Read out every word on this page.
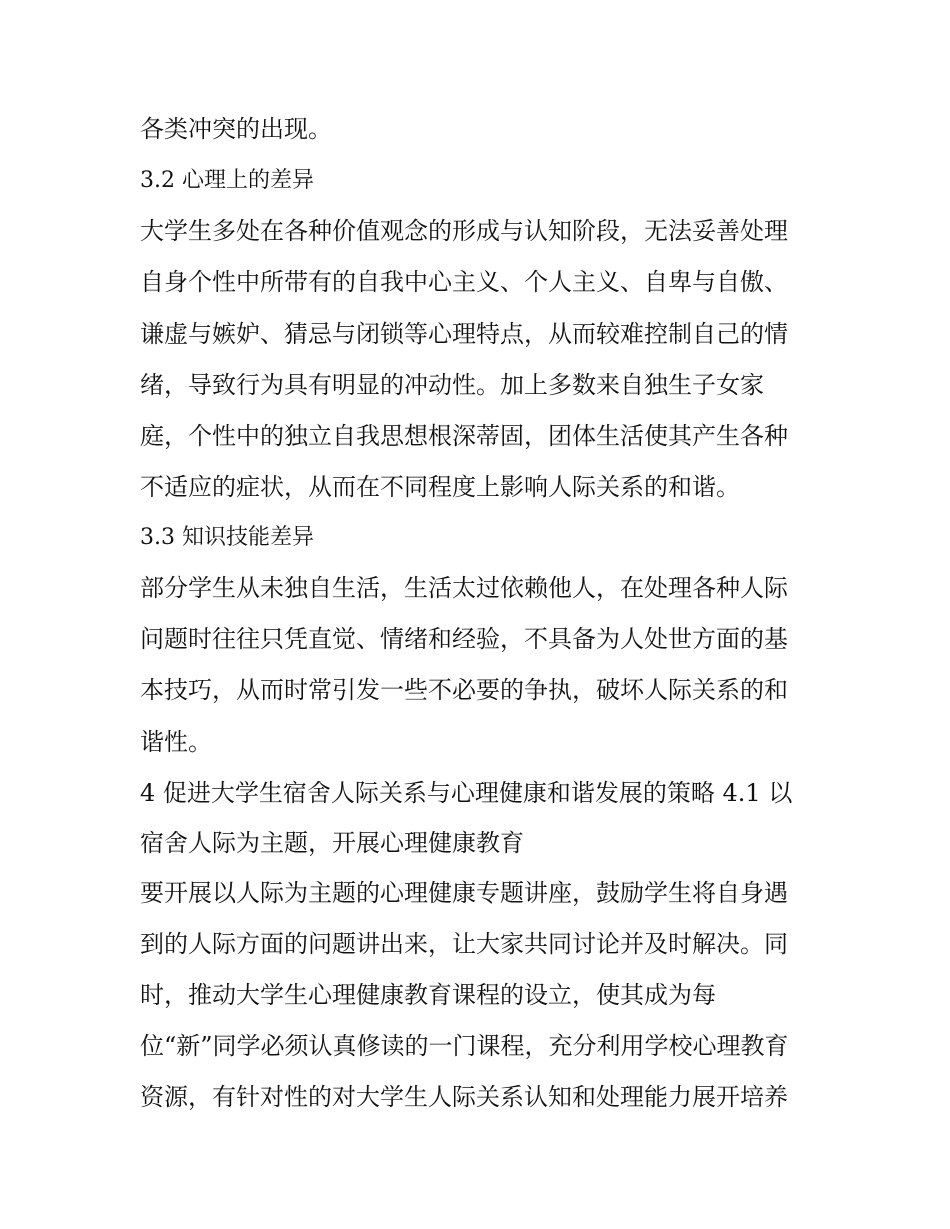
各类冲突的出现。

3.2 心理上的差异

大学生多处在各种价值观念的形成与认知阶段，无法妥善处理

自身个性中所带有的自我中心主义、个人主义、自卑与自傲、

谦虚与嫉妒、猜忌与闭锁等心理特点，从而较难控制自己的情

绪，导致行为具有明显的冲动性。加上多数来自独生子女家

庭，个性中的独立自我思想根深蒂固，团体生活使其产生各种

不适应的症状，从而在不同程度上影响人际关系的和谐。

3.3 知识技能差异

部分学生从未独自生活，生活太过依赖他人，在处理各种人际

问题时往往只凭直觉、情绪和经验，不具备为人处世方面的基

本技巧，从而时常引发一些不必要的争执，破坏人际关系的和

谐性。

4 促进大学生宿舍人际关系与心理健康和谐发展的策略 4.1 以

宿舍人际为主题，开展心理健康教育

要开展以人际为主题的心理健康专题讲座，鼓励学生将自身遇

到的人际方面的问题讲出来，让大家共同讨论并及时解决。同

时，推动大学生心理健康教育课程的设立，使其成为每

位“新”同学必须认真修读的一门课程，充分利用学校心理教育

资源，有针对性的对大学生人际关系认知和处理能力展开培养
